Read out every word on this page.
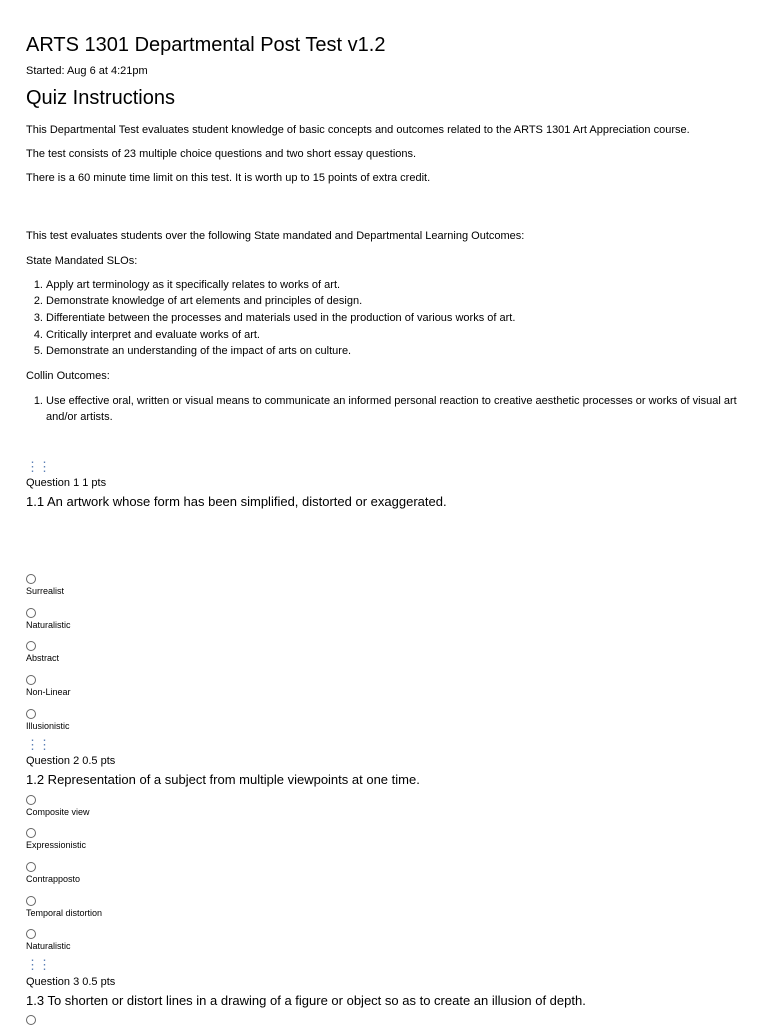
ARTS 1301 Departmental Post Test v1.2
Started: Aug 6 at 4:21pm
Quiz Instructions
This Departmental Test evaluates student knowledge of basic concepts and outcomes related to the ARTS 1301 Art Appreciation course.
The test consists of 23 multiple choice questions and two short essay questions.
There is a 60 minute time limit on this test. It is worth up to 15 points of extra credit.
This test evaluates students over the following State mandated and Departmental Learning Outcomes:
State Mandated SLOs:
1. Apply art terminology as it specifically relates to works of art.
2. Demonstrate knowledge of art elements and principles of design.
3. Differentiate between the processes and materials used in the production of various works of art.
4. Critically interpret and evaluate works of art.
5. Demonstrate an understanding of the impact of arts on culture.
Collin Outcomes:
1. Use effective oral, written or visual means to communicate an informed personal reaction to creative aesthetic processes or works of visual art
and/or artists.
⋮⋮
Question 1 1 pts
1.1 An artwork whose form has been simplified, distorted or exaggerated.
Surrealist
Naturalistic
Abstract
Non-Linear
Illusionistic
⋮⋮
Question 2 0.5 pts
1.2 Representation of a subject from multiple viewpoints at one time.
Composite view
Expressionistic
Contrapposto
Temporal distortion
Naturalistic
⋮⋮
Question 3 0.5 pts
1.3 To shorten or distort lines in a drawing of a figure or object so as to create an illusion of depth.
